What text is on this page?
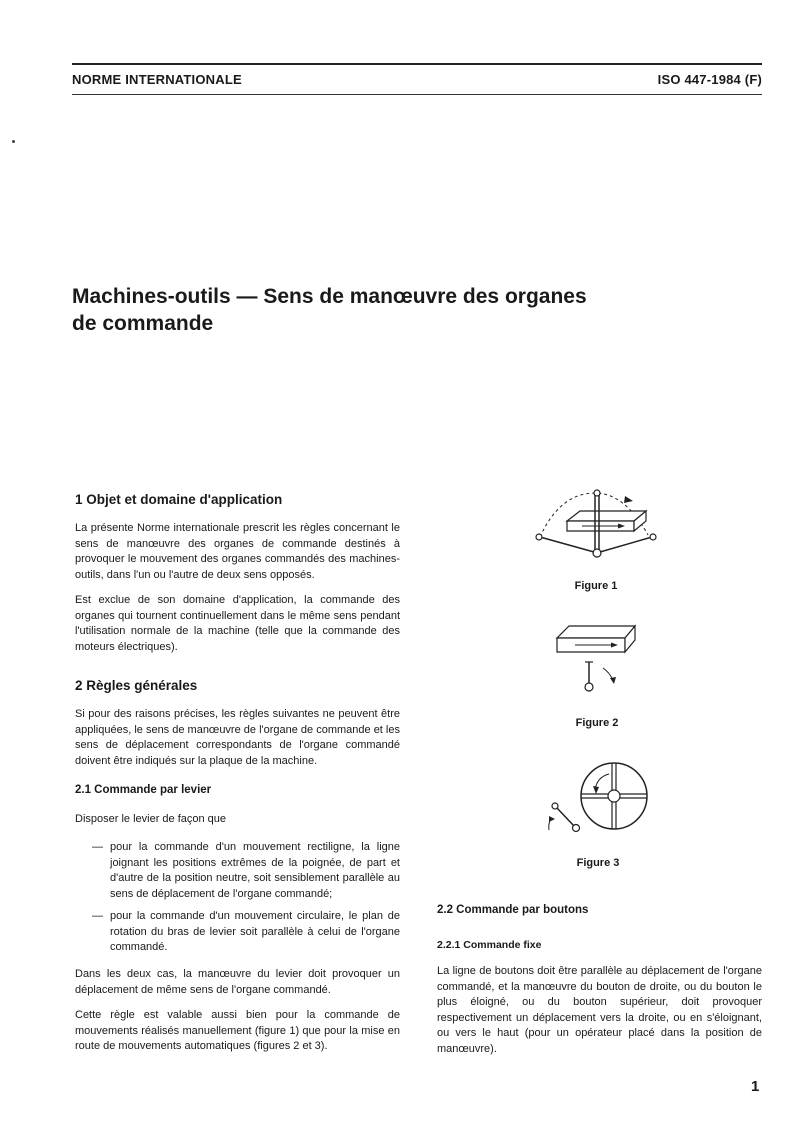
NORME INTERNATIONALE	ISO 447-1984 (F)
Machines-outils — Sens de manœuvre des organes
de commande
1 Objet et domaine d'application

La présente Norme internationale prescrit les règles concernant le sens de manœuvre des organes de commande destinés à provoquer le mouvement des organes commandés des machines-outils, dans l'un ou l'autre de deux sens opposés.

Est exclue de son domaine d'application, la commande des organes qui tournent continuellement dans le même sens pendant l'utilisation normale de la machine (telle que la commande des moteurs électriques).

2 Règles générales

Si pour des raisons précises, les règles suivantes ne peuvent être appliquées, le sens de manœuvre de l'organe de commande et les sens de déplacement correspondants de l'organe commandé doivent être indiqués sur la plaque de la machine.

2.1 Commande par levier
Disposer le levier de façon que
— pour la commande d'un mouvement rectiligne, la ligne joignant les positions extrêmes de la poignée, de part et d'autre de la position neutre, soit sensiblement parallèle au sens de déplacement de l'organe commandé;

— pour la commande d'un mouvement circulaire, le plan de rotation du bras de levier soit parallèle à celui de l'organe commandé.

Dans les deux cas, la manœuvre du levier doit provoquer un déplacement de même sens de l'organe commandé.

Cette règle est valable aussi bien pour la commande de mouvements réalisés manuellement (figure 1) que pour la mise en route de mouvements automatiques (figures 2 et 3).

Figure 1
Figure 2
Figure 3
2.2 Commande par boutons
2.2.1 Commande fixe

La ligne de boutons doit être parallèle au déplacement de l'organe commandé, et la manœuvre du bouton de droite, ou du bouton le plus éloigné, ou du bouton supérieur, doit provoquer respectivement un déplacement vers la droite, ou en s'éloignant, ou vers le haut (pour un opérateur placé dans la position de manœuvre).

1
